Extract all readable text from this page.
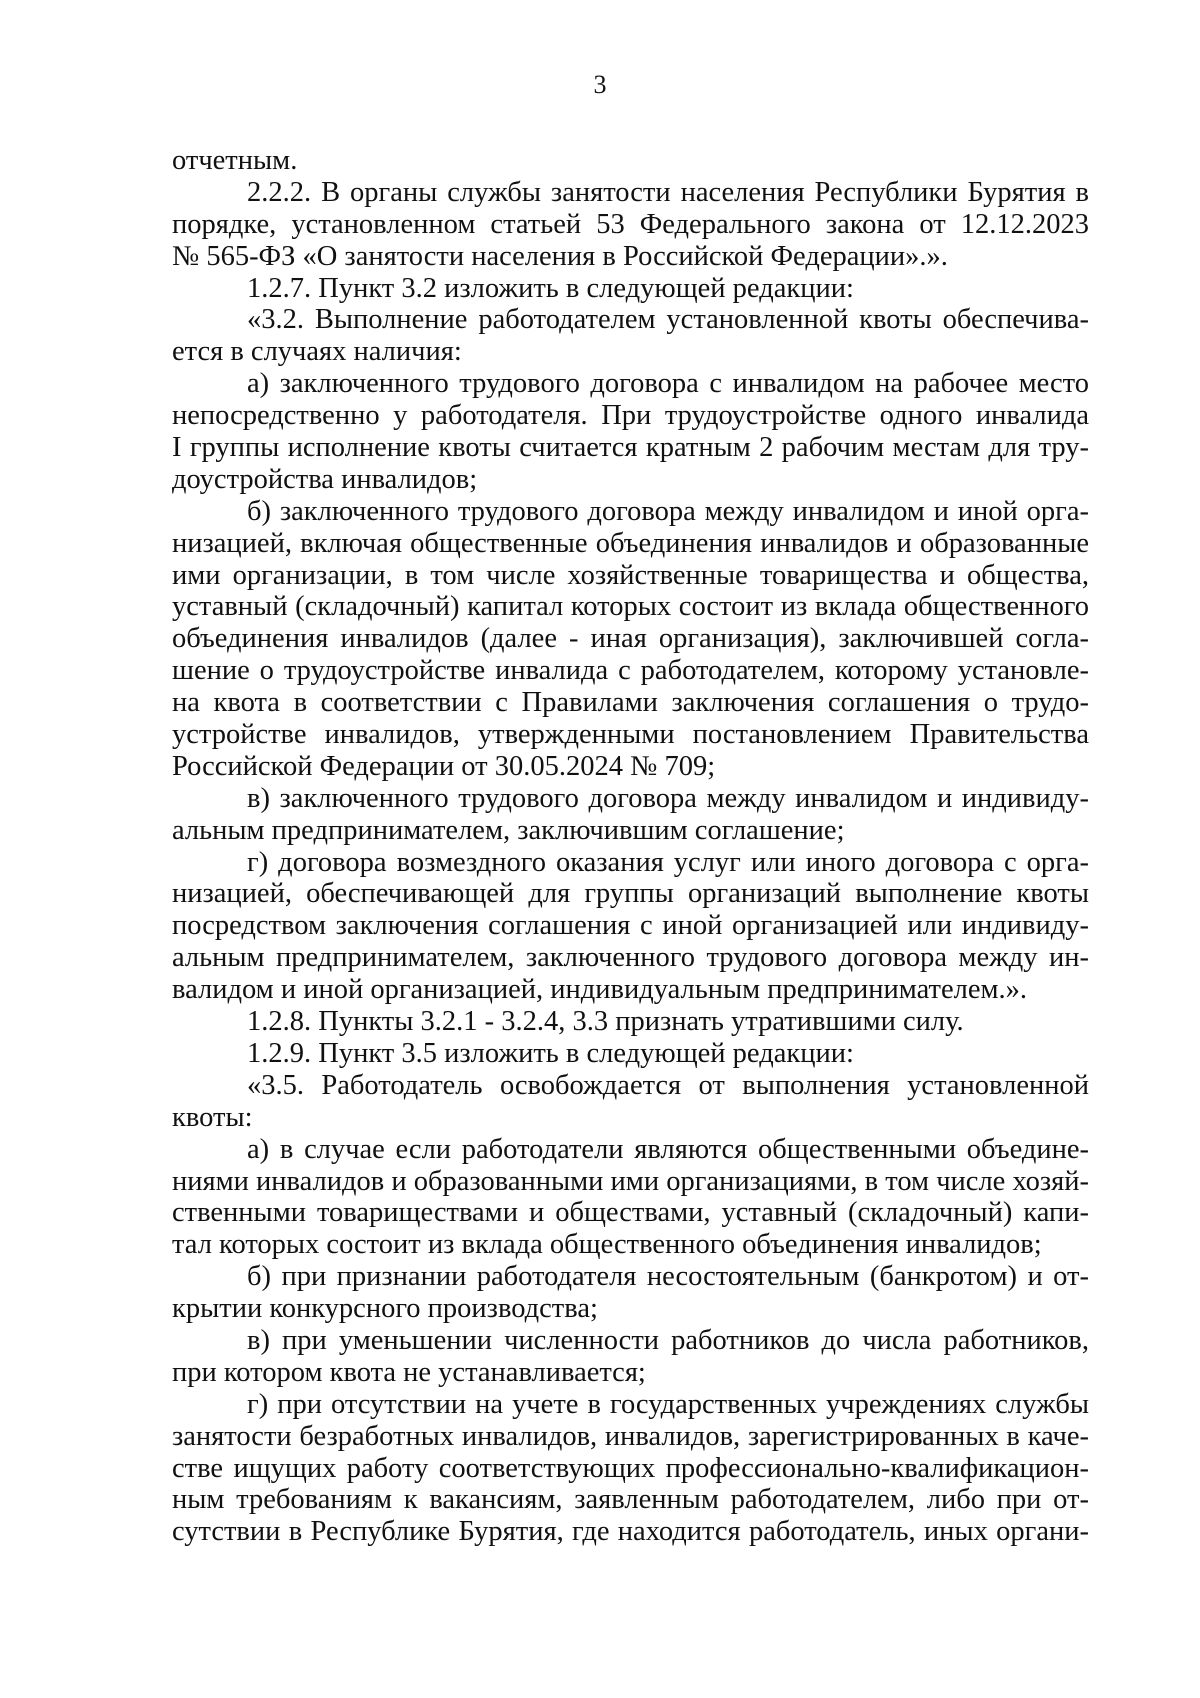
3
отчетным.
2.2.2. В органы службы занятости населения Республики Бурятия в
порядке, установленном статьей 53 Федерального закона от 12.12.2023
№ 565-ФЗ «О занятости населения в Российской Федерации».».
1.2.7. Пункт 3.2 изложить в следующей редакции:
«3.2. Выполнение работодателем установленной квоты обеспечива-
ется в случаях наличия:
а) заключенного трудового договора с инвалидом на рабочее место
непосредственно у работодателя. При трудоустройстве одного инвалида
I группы исполнение квоты считается кратным 2 рабочим местам для тру-
доустройства инвалидов;
б) заключенного трудового договора между инвалидом и иной орга-
низацией, включая общественные объединения инвалидов и образованные
ими организации, в том числе хозяйственные товарищества и общества,
уставный (складочный) капитал которых состоит из вклада общественного
объединения инвалидов (далее - иная организация), заключившей согла-
шение о трудоустройстве инвалида с работодателем, которому установле-
на квота в соответствии с Правилами заключения соглашения о трудо-
устройстве инвалидов, утвержденными постановлением Правительства
Российской Федерации от 30.05.2024 № 709;
в) заключенного трудового договора между инвалидом и индивиду-
альным предпринимателем, заключившим соглашение;
г) договора возмездного оказания услуг или иного договора с орга-
низацией, обеспечивающей для группы организаций выполнение квоты
посредством заключения соглашения с иной организацией или индивиду-
альным предпринимателем, заключенного трудового договора между ин-
валидом и иной организацией, индивидуальным предпринимателем.».
1.2.8. Пункты 3.2.1 - 3.2.4, 3.3 признать утратившими силу.
1.2.9. Пункт 3.5 изложить в следующей редакции:
«3.5. Работодатель освобождается от выполнения установленной
квоты:
а) в случае если работодатели являются общественными объедине-
ниями инвалидов и образованными ими организациями, в том числе хозяй-
ственными товариществами и обществами, уставный (складочный) капи-
тал которых состоит из вклада общественного объединения инвалидов;
б) при признании работодателя несостоятельным (банкротом) и от-
крытии конкурсного производства;
в) при уменьшении численности работников до числа работников,
при котором квота не устанавливается;
г) при отсутствии на учете в государственных учреждениях службы
занятости безработных инвалидов, инвалидов, зарегистрированных в каче-
стве ищущих работу соответствующих профессионально-квалификацион-
ным требованиям к вакансиям, заявленным работодателем, либо при от-
сутствии в Республике Бурятия, где находится работодатель, иных органи-
